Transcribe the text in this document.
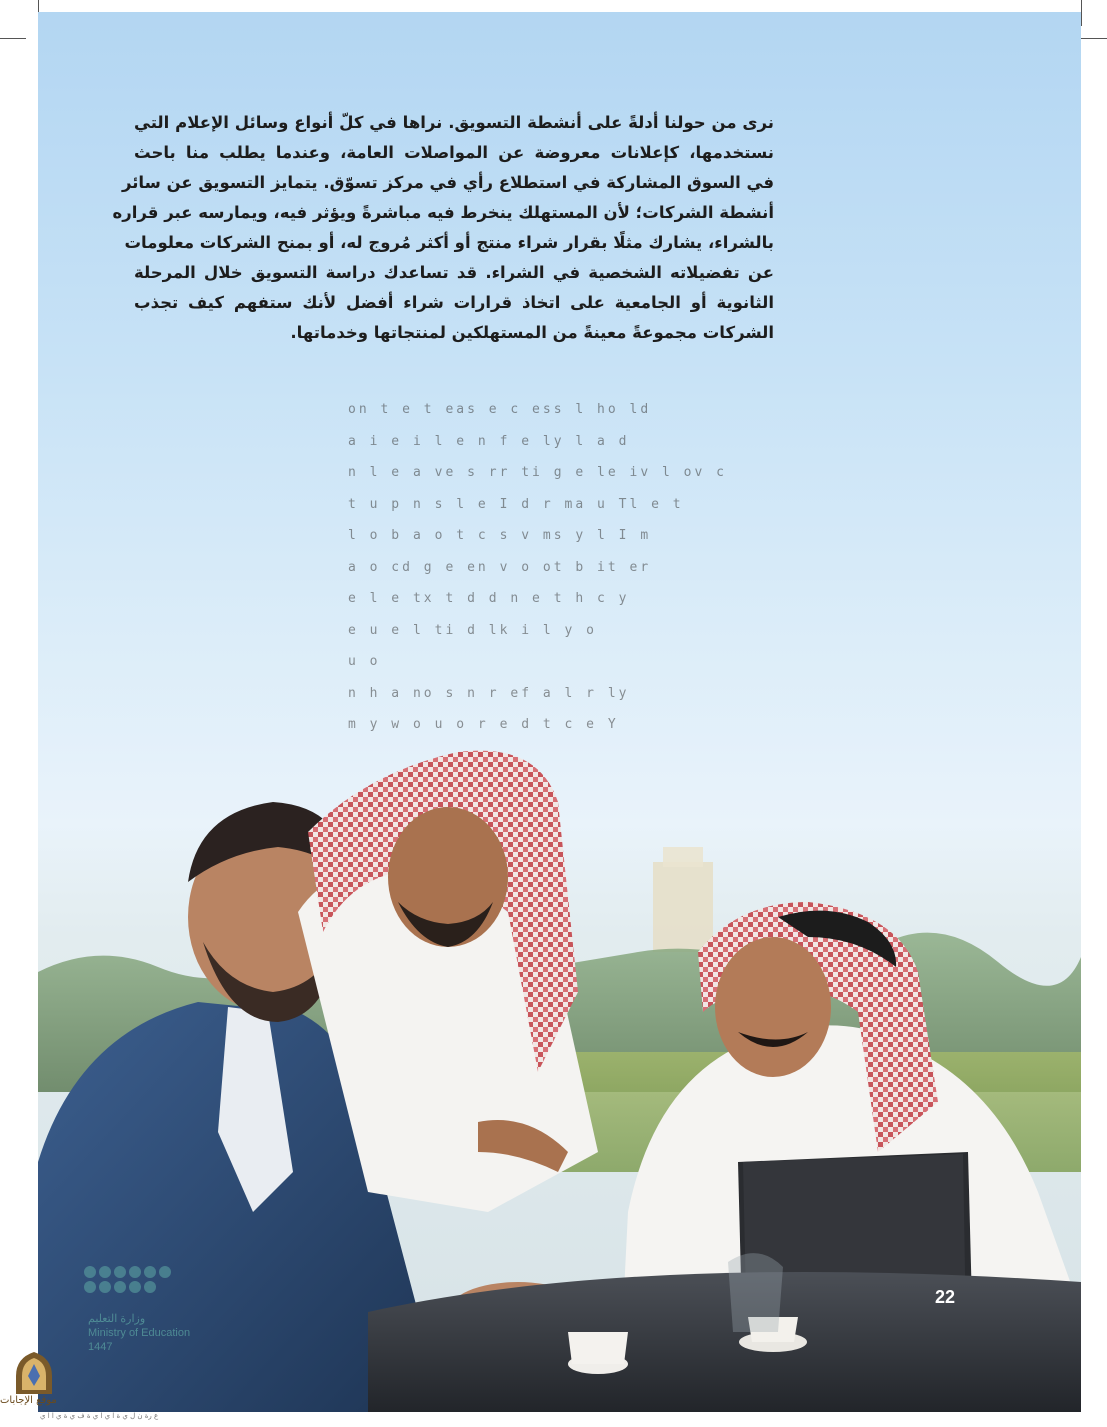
نرى من حولنا أدلةً على أنشطة التسويق. نراها في كلّ أنواع وسائل الإعلام التي
نستخدمها، كإعلانات معروضة عن المواصلات العامة، وعندما يطلب منا باحث
في السوق المشاركة في استطلاع رأي في مركز تسوّق. يتمايز التسويق عن سائر
أنشطة الشركات؛ لأن المستهلك ينخرط فيه مباشرةً ويؤثر فيه، ويمارسه عبر قراره
بالشراء، يشارك مثلًا بقرار شراء منتج أو أكثر مُروج له، أو بمنح الشركات معلومات
عن تفضيلاته الشخصية في الشراء. قد تساعدك دراسة التسويق خلال المرحلة
الثانوية أو الجامعية على اتخاذ قرارات شراء أفضل لأنك ستفهم كيف تجذب
الشركات مجموعةً معينةً من المستهلكين لمنتجاتها وخدماتها.
on t e t eas e c ess l ho ld
a i e i l e n f e ly l a d
n l e a ve s rr ti g e le iv l ov c
t u p n s l e I d r ma u Tl e t
l o b a o t c s v ms y l I m
a o cd g e en v o ot b it er
e l e tx t d d n e t h c y
e u e l ti d lk i l y o
u o
n h a no s n r ef a l r ly
m y w o u o r e d t c e Y
22
وزارة التعليم
Ministry of Education
1447
موقع الإجابات
ع رة ن ل ي ة ا ي ا ي ة ف ي ة ي ا ا ي
